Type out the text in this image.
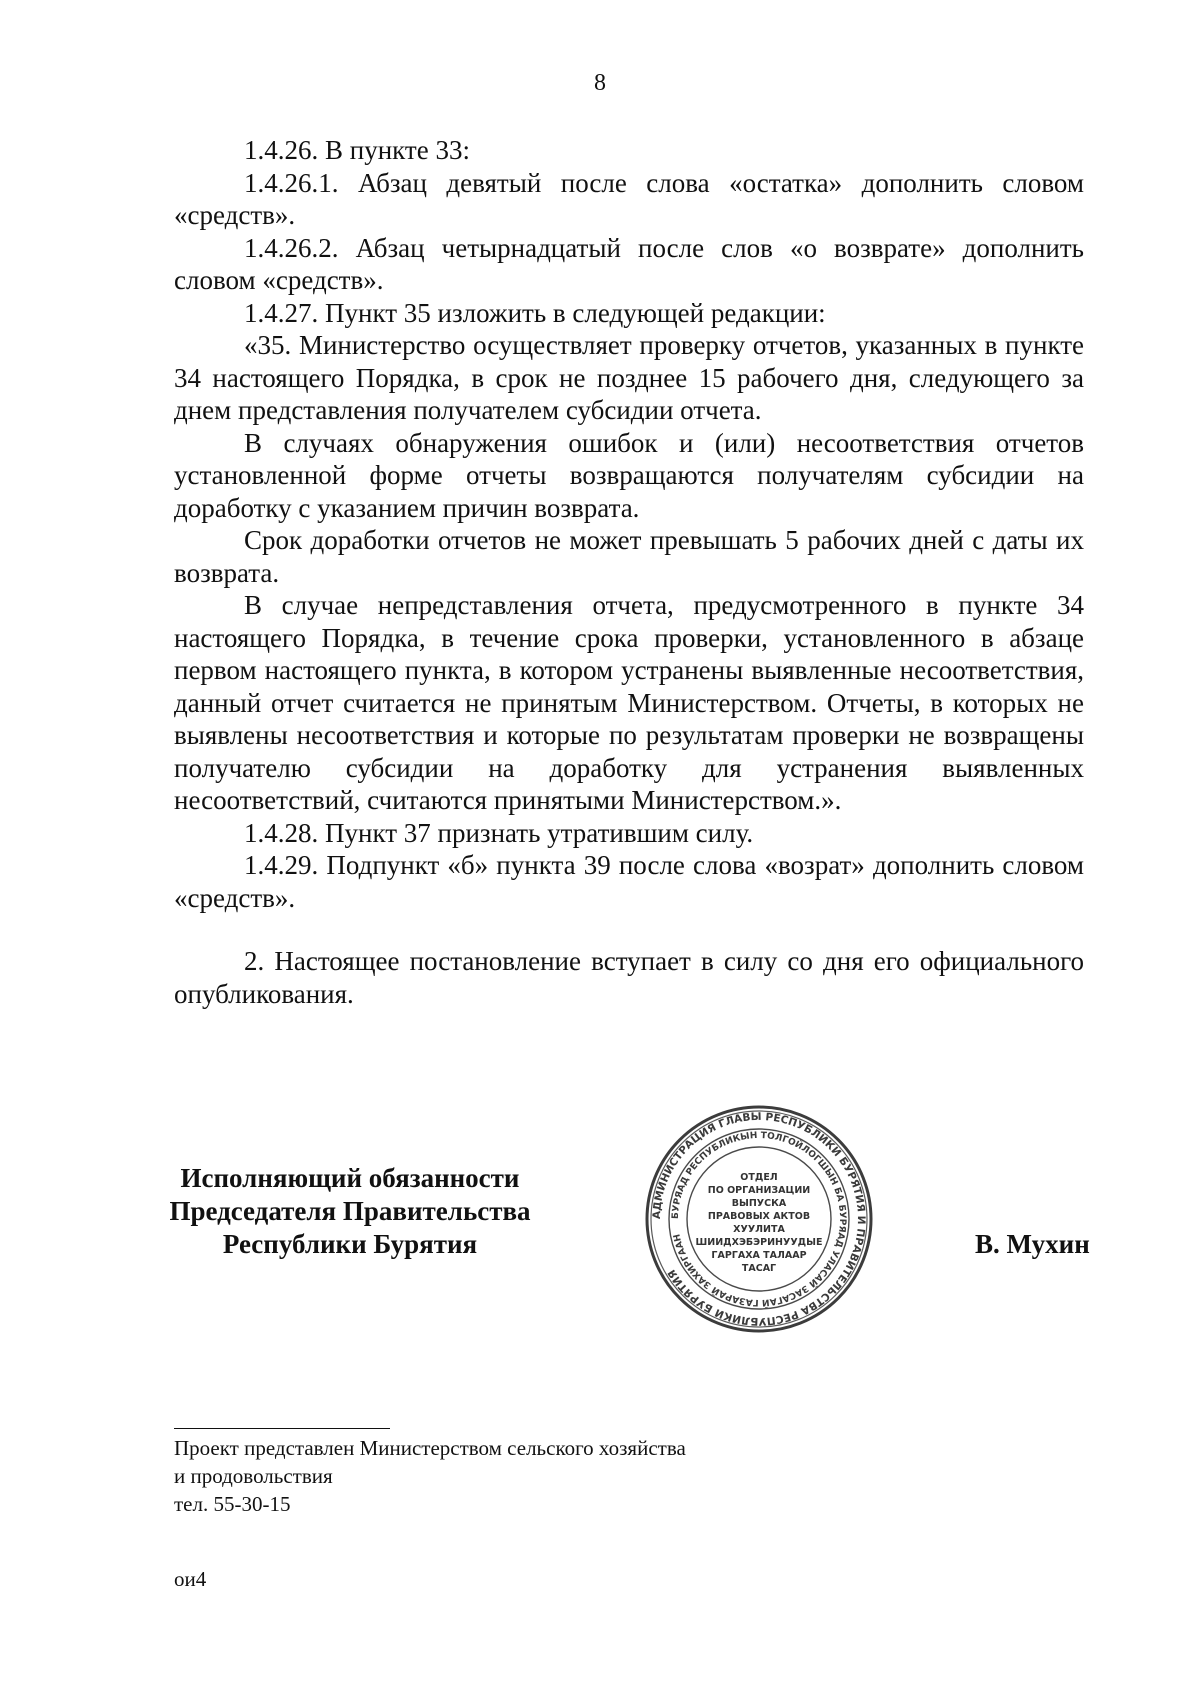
8

1.4.26. В пункте 33:

1.4.26.1. Абзац девятый после слова «остатка» дополнить словом «средств».

1.4.26.2. Абзац четырнадцатый после слов «о возврате» дополнить словом «средств».

1.4.27. Пункт 35 изложить в следующей редакции:

«35. Министерство осуществляет проверку отчетов, указанных в пункте 34 настоящего Порядка, в срок не позднее 15 рабочего дня, следующего за днем представления получателем субсидии отчета.

В случаях обнаружения ошибок и (или) несоответствия отчетов установленной форме отчеты возвращаются получателям субсидии на доработку с указанием причин возврата.

Срок доработки отчетов не может превышать 5 рабочих дней с даты их возврата.

В случае непредставления отчета, предусмотренного в пункте 34 настоящего Порядка, в течение срока проверки, установленного в абзаце первом настоящего пункта, в котором устранены выявленные несоответствия, данный отчет считается не принятым Министерством. Отчеты, в которых не выявлены несоответствия и которые по результатам проверки не возвращены получателю субсидии на доработку для устранения выявленных несоответствий, считаются принятыми Министерством.».

1.4.28. Пункт 37 признать утратившим силу.

1.4.29. Подпункт «б» пункта 39 после слова «возрат» дополнить словом «средств».

2. Настоящее постановление вступает в силу со дня его официального опубликования.

Исполняющий обязанности
Председателя Правительства
Республики Бурятия
АДМИНИСТРАЦИЯ ГЛАВЫ РЕСПУБЛИКИ БУРЯТИЯ И ПРАВИТЕЛЬСТВА РЕСПУБЛИКИ БУРЯТИЯ
БУРЯАД РЕСПУБЛИКЫН ТОЛГОЙЛОГШЫН БА БУРЯАД УЛАСАЙ ЗАСАГАЙ ГАЗАРАЙ ЗАХИРГААН
ОТДЕЛ
ПО ОРГАНИЗАЦИИ
ВЫПУСКА
ПРАВОВЫХ АКТОВ
ХУУЛИТА
ШИИДХЭБЭРИНУУДЫЕ
ГАРГАХА ТАЛААР
ТАСАГ
В. Мухин
Проект представлен Министерством сельского хозяйства
и продовольствия
тел. 55-30-15
ои4
